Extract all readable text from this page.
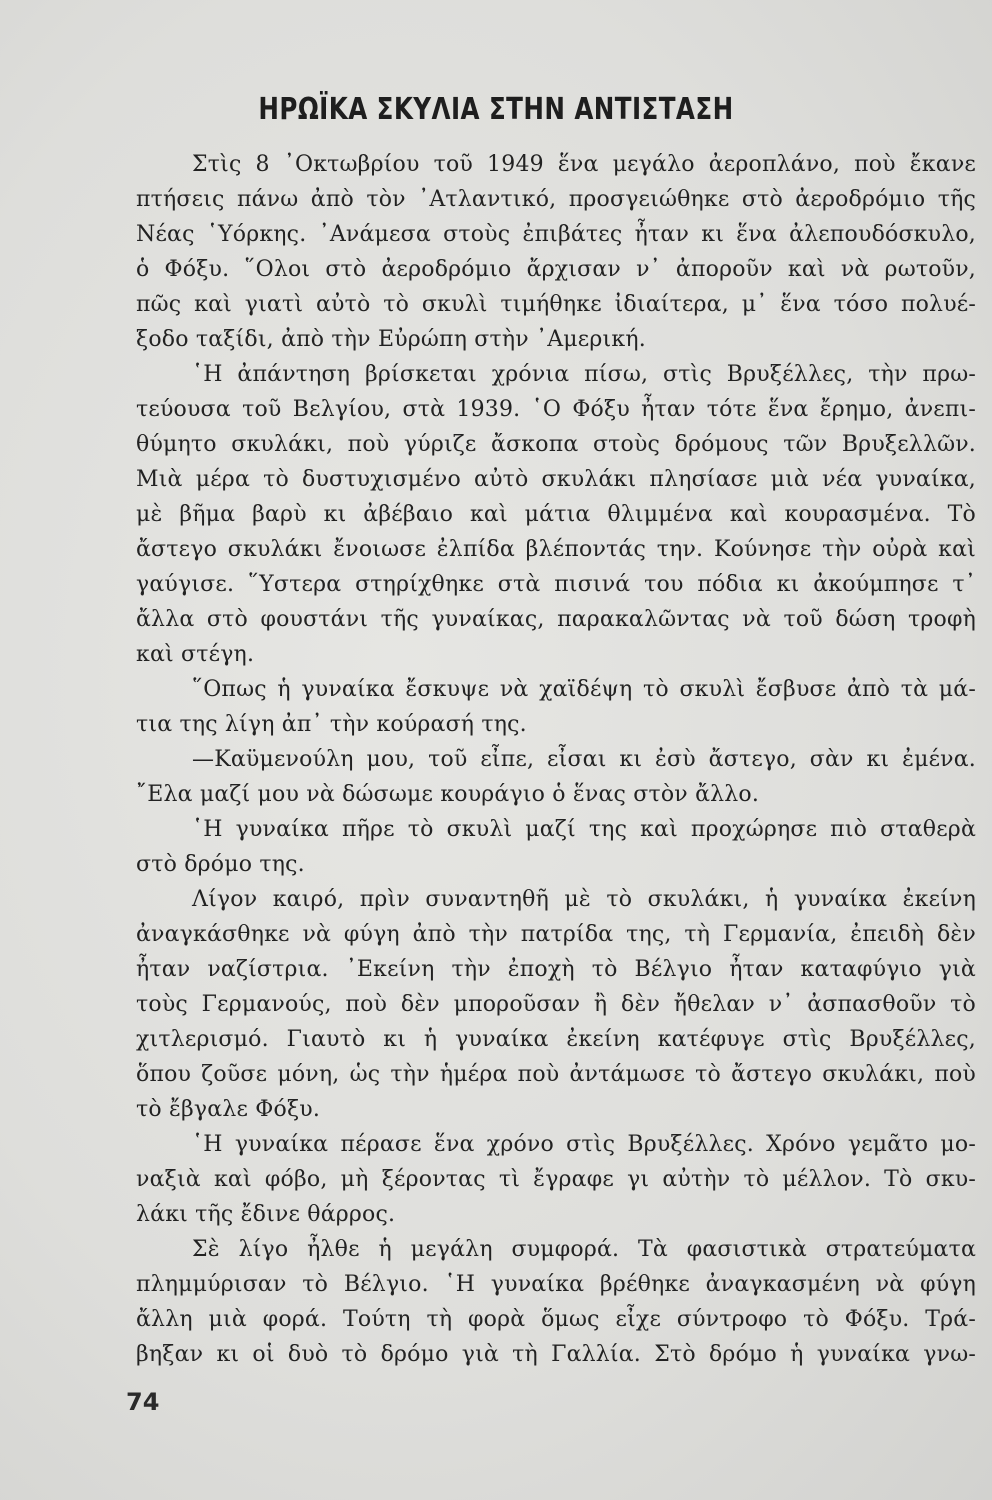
ΗΡΩΪΚΑ ΣΚΥΛΙΑ ΣΤΗΝ ΑΝΤΙΣΤΑΣΗ
Στὶς 8 ᾿Οκτωβρίου τοῦ 1949 ἕνα μεγάλο ἀεροπλάνο, ποὺ ἔκανε
πτήσεις πάνω ἀπὸ τὸν ᾿Ατλαντικό, προσγειώθηκε στὸ ἀεροδρόμιο τῆς
Νέας ῾Υόρκης. ᾿Ανάμεσα στοὺς ἐπιβάτες ἦταν κι ἕνα ἀλεπουδόσκυλο,
ὁ Φόξυ. ῞Ολοι στὸ ἀεροδρόμιο ἄρχισαν ν᾿ ἀποροῦν καὶ νὰ ρωτοῦν,
πῶς καὶ γιατὶ αὐτὸ τὸ σκυλὶ τιμήθηκε ἰδιαίτερα, μ᾿ ἕνα τόσο πολυέ-
ξοδο ταξίδι, ἀπὸ τὴν Εὐρώπη στὴν ᾿Αμερική.
῾Η ἀπάντηση βρίσκεται χρόνια πίσω, στὶς Βρυξέλλες, τὴν πρω-
τεύουσα τοῦ Βελγίου, στὰ 1939. ῾Ο Φόξυ ἦταν τότε ἕνα ἔρημο, ἀνεπι-
θύμητο σκυλάκι, ποὺ γύριζε ἄσκοπα στοὺς δρόμους τῶν Βρυξελλῶν.
Μιὰ μέρα τὸ δυστυχισμένο αὐτὸ σκυλάκι πλησίασε μιὰ νέα γυναίκα,
μὲ βῆμα βαρὺ κι ἀβέβαιο καὶ μάτια θλιμμένα καὶ κουρασμένα. Τὸ
ἄστεγο σκυλάκι ἔνοιωσε ἐλπίδα βλέποντάς την. Κούνησε τὴν οὐρὰ καὶ
γαύγισε. ῞Υστερα στηρίχθηκε στὰ πισινά του πόδια κι ἀκούμπησε τ᾿
ἄλλα στὸ φουστάνι τῆς γυναίκας, παρακαλῶντας νὰ τοῦ δώση τροφὴ
καὶ στέγη.
῞Οπως ἡ γυναίκα ἔσκυψε νὰ χαϊδέψη τὸ σκυλὶ ἔσβυσε ἀπὸ τὰ μά-
τια της λίγη ἀπ᾿ τὴν κούρασή της.
—Καϋμενούλη μου, τοῦ εἶπε, εἶσαι κι ἐσὺ ἄστεγο, σὰν κι ἐμένα.
῎Ελα μαζί μου νὰ δώσωμε κουράγιο ὁ ἕνας στὸν ἄλλο.
῾Η γυναίκα πῆρε τὸ σκυλὶ μαζί της καὶ προχώρησε πιὸ σταθερὰ
στὸ δρόμο της.
Λίγον καιρό, πρὶν συναντηθῆ μὲ τὸ σκυλάκι, ἡ γυναίκα ἐκείνη
ἀναγκάσθηκε νὰ φύγη ἀπὸ τὴν πατρίδα της, τὴ Γερμανία, ἐπειδὴ δὲν
ἦταν ναζίστρια. ᾿Εκείνη τὴν ἐποχὴ τὸ Βέλγιο ἦταν καταφύγιο γιὰ
τοὺς Γερμανούς, ποὺ δὲν μποροῦσαν ἢ δὲν ἤθελαν ν᾿ ἀσπασθοῦν τὸ
χιτλερισμό. Γιαυτὸ κι ἡ γυναίκα ἐκείνη κατέφυγε στὶς Βρυξέλλες,
ὅπου ζοῦσε μόνη, ὡς τὴν ἡμέρα ποὺ ἀντάμωσε τὸ ἄστεγο σκυλάκι, ποὺ
τὸ ἔβγαλε Φόξυ.
῾Η γυναίκα πέρασε ἕνα χρόνο στὶς Βρυξέλλες. Χρόνο γεμᾶτο μο-
ναξιὰ καὶ φόβο, μὴ ξέροντας τὶ ἔγραφε γι αὐτὴν τὸ μέλλον. Τὸ σκυ-
λάκι τῆς ἔδινε θάρρος.
Σὲ λίγο ἦλθε ἡ μεγάλη συμφορά. Τὰ φασιστικὰ στρατεύματα
πλημμύρισαν τὸ Βέλγιο. ῾Η γυναίκα βρέθηκε ἀναγκασμένη νὰ φύγη
ἄλλη μιὰ φορά. Τούτη τὴ φορὰ ὅμως εἶχε σύντροφο τὸ Φόξυ. Τρά-
βηξαν κι οἱ δυὸ τὸ δρόμο γιὰ τὴ Γαλλία. Στὸ δρόμο ἡ γυναίκα γνω-
74
